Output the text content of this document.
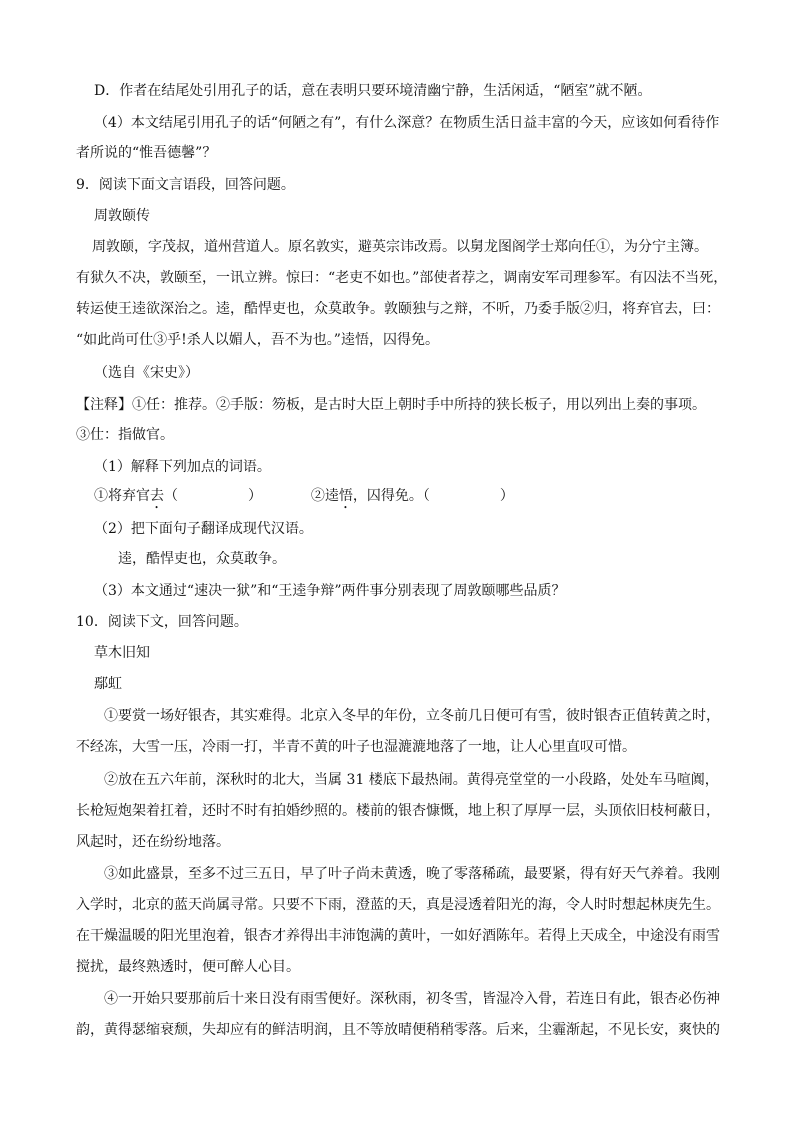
D．作者在结尾处引用孔子的话，意在表明只要环境清幽宁静，生活闲适，“陋室”就不陋。
（4）本文结尾引用孔子的话“何陋之有”，有什么深意？在物质生活日益丰富的今天，应该如何看待作
者所说的“惟吾德馨”？
9．阅读下面文言语段，回答问题。
周敦颐传
周敦颐，字茂叔，道州营道人。原名敦实，避英宗讳改焉。以舅龙图阁学士郑向任①，为分宁主簿。
有狱久不决，敦颐至，一讯立辨。惊曰：“老吏不如也。”部使者荐之，调南安军司理参军。有囚法不当死，
转运使王逵欲深治之。逵，酷悍吏也，众莫敢争。敦颐独与之辩，不听，乃委手版②归，将弃官去，曰：
“如此尚可仕③乎!杀人以媚人，吾不为也。”逵悟，囚得免。
（选自《宋史》）
【注释】①任：推荐。②手版：笏板，是古时大臣上朝时手中所持的狭长板子，用以列出上奏的事项。
③仕：指做官。
（1）解释下列加点的词语。
①将弃官去（　　　　　）	②逵悟，囚得免。（　　　　　）
（2）把下面句子翻译成现代汉语。
逵，酷悍吏也，众莫敢争。
（3）本文通过“速决一狱”和“王逵争辩”两件事分别表现了周敦颐哪些品质？
10．阅读下文，回答问题。
草木旧知
鄢虹
①要赏一场好银杏，其实难得。北京入冬早的年份，立冬前几日便可有雪，彼时银杏正值转黄之时，
不经冻，大雪一压，冷雨一打，半青不黄的叶子也湿漉漉地落了一地，让人心里直叹可惜。
②放在五六年前，深秋时的北大，当属 31 楼底下最热闹。黄得亮堂堂的一小段路，处处车马喧阗，
长枪短炮架着扛着，还时不时有拍婚纱照的。楼前的银杏慷慨，地上积了厚厚一层，头顶依旧枝柯蔽日，
风起时，还在纷纷地落。
③如此盛景，至多不过三五日，早了叶子尚未黄透，晚了零落稀疏，最要紧，得有好天气养着。我刚
入学时，北京的蓝天尚属寻常。只要不下雨，澄蓝的天，真是浸透着阳光的海，令人时时想起林庚先生。
在干燥温暖的阳光里泡着，银杏才养得出丰沛饱满的黄叶，一如好酒陈年。若得上天成全，中途没有雨雪
搅扰，最终熟透时，便可醉人心目。
④一开始只要那前后十来日没有雨雪便好。深秋雨，初冬雪，皆湿冷入骨，若连日有此，银杏必伤神
韵，黄得瑟缩衰颓，失却应有的鲜洁明润，且不等放晴便稍稍零落。后来，尘霾渐起，不见长安，爽快的
